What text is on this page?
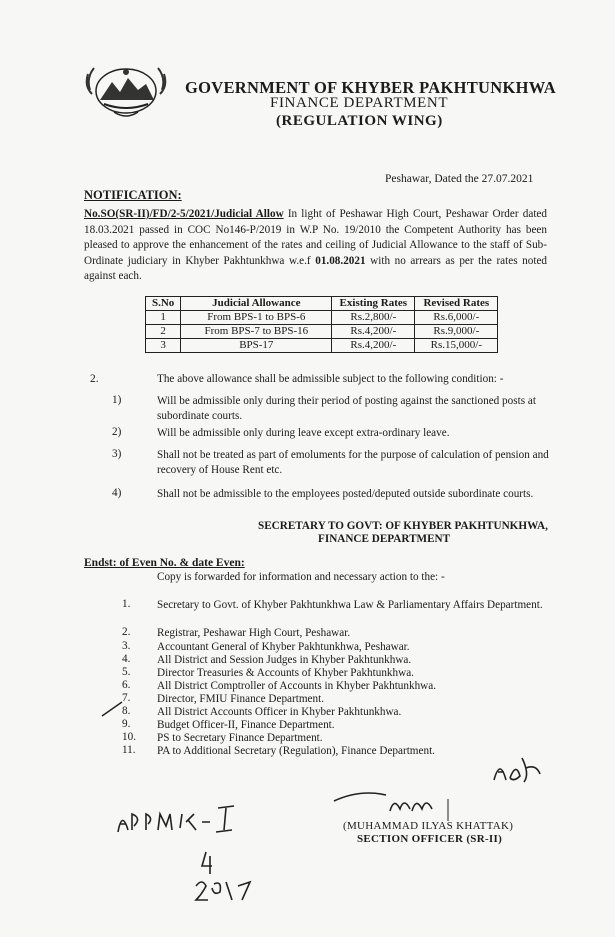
GOVERNMENT OF KHYBER PAKHTUNKHWA
FINANCE DEPARTMENT
(REGULATION WING)
Peshawar, Dated the 27.07.2021
NOTIFICATION:
No.SO(SR-II)/FD/2-5/2021/Judicial Allow In light of Peshawar High Court, Peshawar Order dated 18.03.2021 passed in COC No146-P/2019 in W.P No. 19/2010 the Competent Authority has been pleased to approve the enhancement of the rates and ceiling of Judicial Allowance to the staff of Sub-Ordinate judiciary in Khyber Pakhtunkhwa w.e.f 01.08.2021 with no arrears as per the rates noted against each.
S.No	Judicial Allowance	Existing Rates	Revised Rates
1	From BPS-1 to BPS-6	Rs.2,800/-	Rs.6,000/-
2	From BPS-7 to BPS-16	Rs.4,200/-	Rs.9,000/-
3	BPS-17	Rs.4,200/-	Rs.15,000/-
2.	The above allowance shall be admissible subject to the following condition: -
1)	Will be admissible only during their period of posting against the sanctioned posts at subordinate courts.
2)	Will be admissible only during leave except extra-ordinary leave.
3)	Shall not be treated as part of emoluments for the purpose of calculation of pension and recovery of House Rent etc.
4)	Shall not be admissible to the employees posted/deputed outside subordinate courts.
SECRETARY TO GOVT: OF KHYBER PAKHTUNKHWA,
FINANCE DEPARTMENT
Endst: of Even No. & date Even:
Copy is forwarded for information and necessary action to the: -
1. Secretary to Govt. of Khyber Pakhtunkhwa Law & Parliamentary Affairs Department.
2. Registrar, Peshawar High Court, Peshawar.
3. Accountant General of Khyber Pakhtunkhwa, Peshawar.
4. All District and Session Judges in Khyber Pakhtunkhwa.
5. Director Treasuries & Accounts of Khyber Pakhtunkhwa.
6. All District Comptroller of Accounts in Khyber Pakhtunkhwa.
7. Director, FMIU Finance Department.
8. All District Accounts Officer in Khyber Pakhtunkhwa.
9. Budget Officer-II, Finance Department.
10. PS to Secretary Finance Department.
11. PA to Additional Secretary (Regulation), Finance Department.
(MUHAMMAD ILYAS KHATTAK)
SECTION OFFICER (SR-II)
